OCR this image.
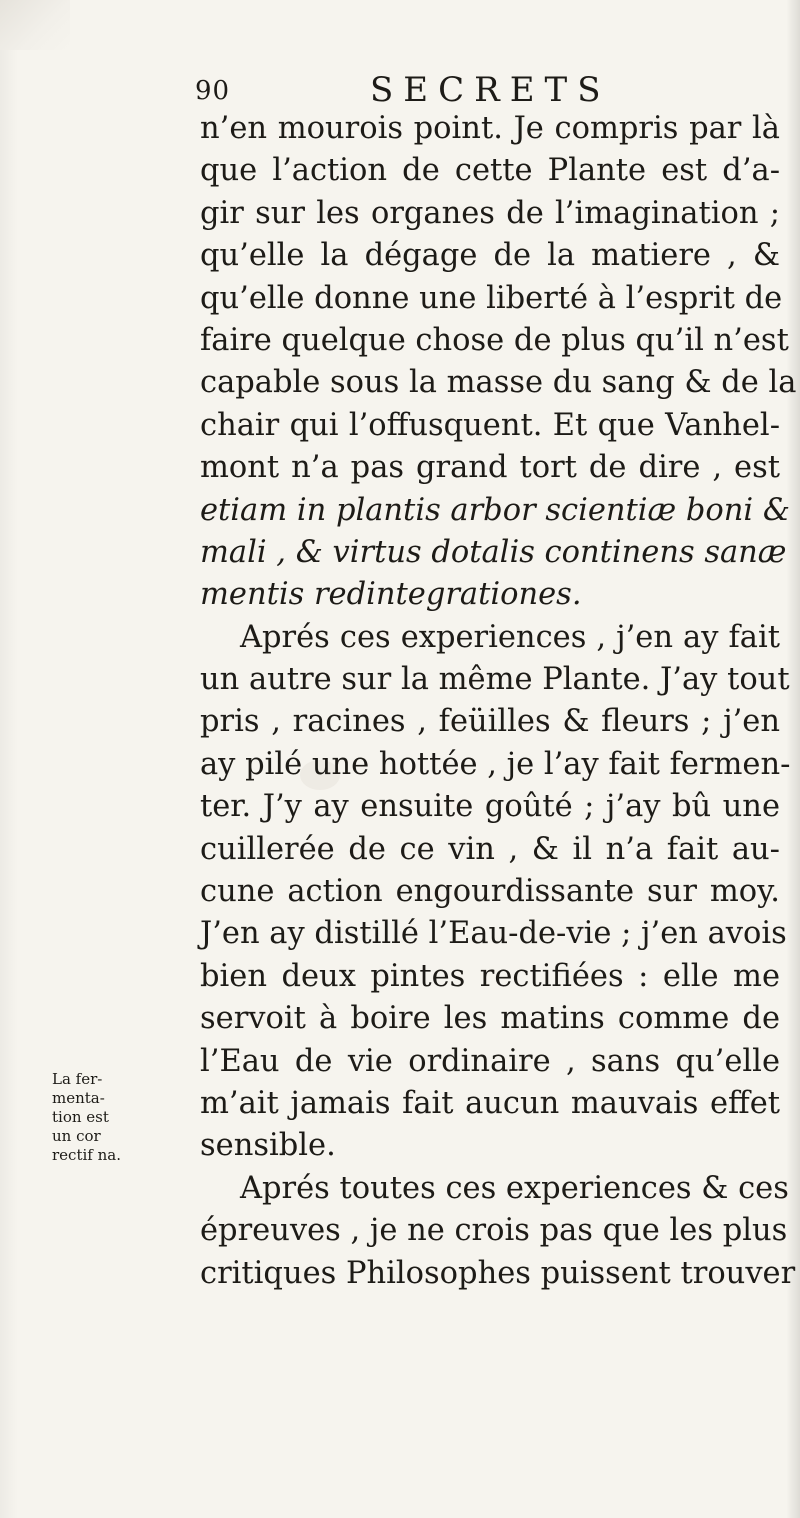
90	SECRETS
n’en mourois point. Je compris par là
que l’action de cette Plante est d’a-
gir sur les organes de l’imagination ;
qu’elle la dégage de la matiere , &
qu’elle donne une liberté à l’esprit de
faire quelque chose de plus qu’il n’est
capable sous la masse du sang & de la
chair qui l’offusquent. Et que Vanhel-
mont n’a pas grand tort de dire , est
etiam in plantis arbor scientiæ boni &
mali , & virtus dotalis continens sanæ
mentis redintegrationes.
Aprés ces experiences , j’en ay fait
un autre sur la même Plante. J’ay tout
pris , racines , feüilles & fleurs ; j’en
ay pilé une hottée , je l’ay fait fermen-
ter. J’y ay ensuite goûté ; j’ay bû une
cuillerée de ce vin , & il n’a fait au-
cune action engourdissante sur moy.
J’en ay distillé l’Eau-de-vie ; j’en avois
bien deux pintes rectifiées : elle me
servoit à boire les matins comme de
l’Eau de vie ordinaire , sans qu’elle
m’ait jamais fait aucun mauvais effet
sensible.
Aprés toutes ces experiences & ces
épreuves , je ne crois pas que les plus
critiques Philosophes puissent trouver
La fer-
menta-
tion est
un cor
rectif na.
